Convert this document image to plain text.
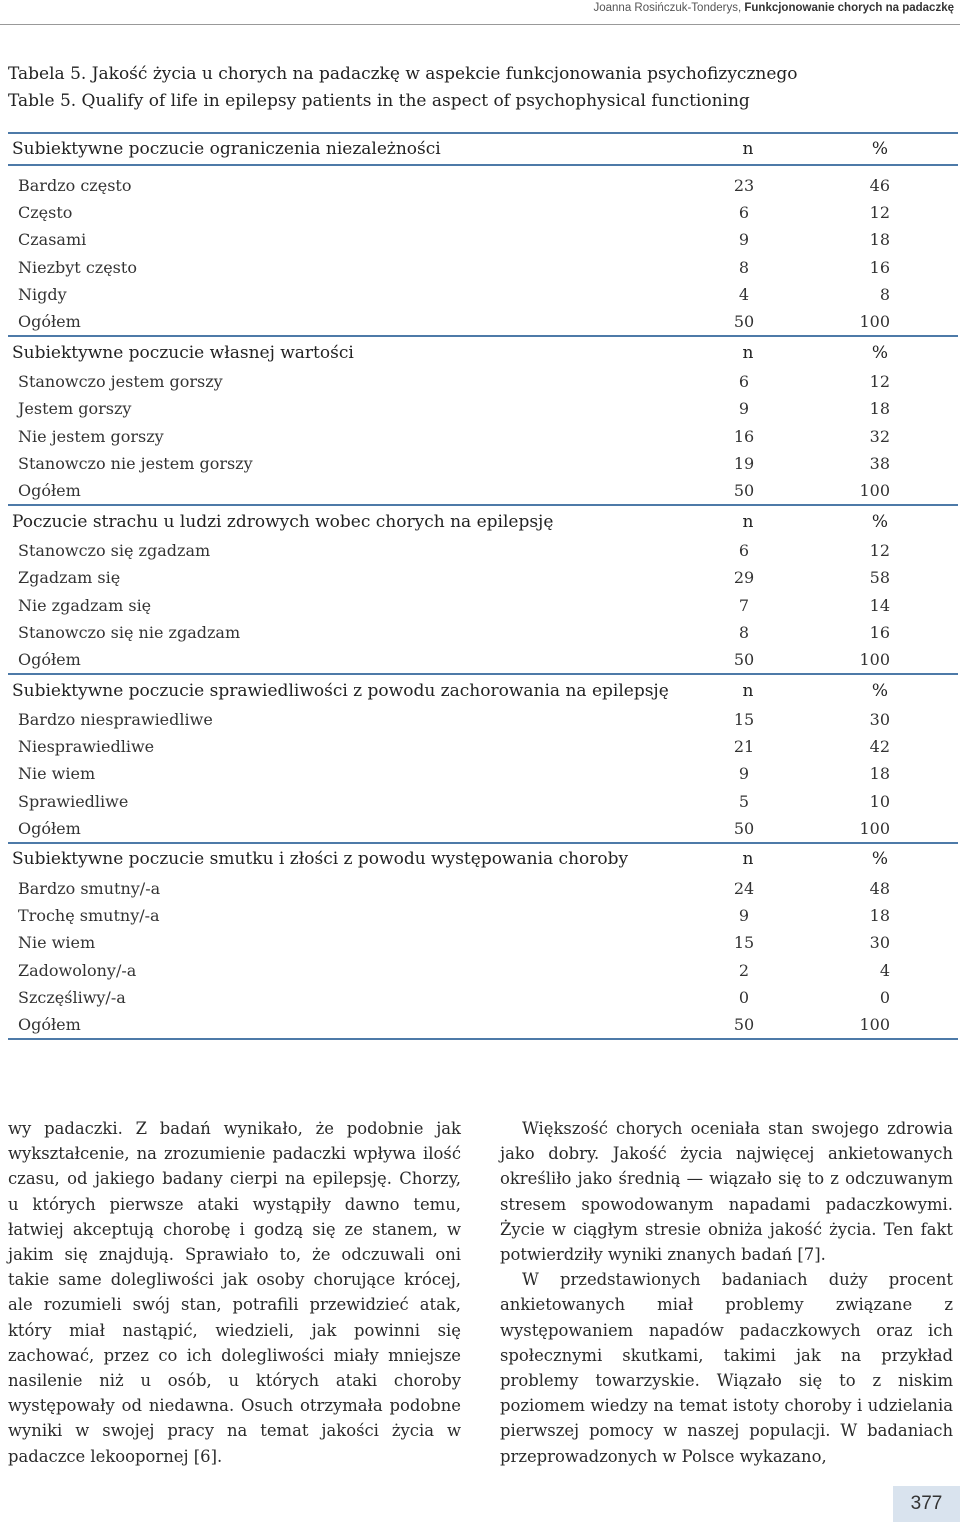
Joanna Rosińczuk-Tonderys, Funkcjonowanie chorych na padaczkę
Tabela 5. Jakość życia u chorych na padaczkę w aspekcie funkcjonowania psychofizycznego
Table 5. Qualify of life in epilepsy patients in the aspect of psychophysical functioning
Subiektywne poczucie ograniczenia niezależności	n	%
Bardzo często	23	46
Często	6	12
Czasami	9	18
Niezbyt często	8	16
Nigdy	4	8
Ogółem	50	100
Subiektywne poczucie własnej wartości	n	%
Stanowczo jestem gorszy	6	12
Jestem gorszy	9	18
Nie jestem gorszy	16	32
Stanowczo nie jestem gorszy	19	38
Ogółem	50	100
Poczucie strachu u ludzi zdrowych wobec chorych na epilepsję	n	%
Stanowczo się zgadzam	6	12
Zgadzam się	29	58
Nie zgadzam się	7	14
Stanowczo się nie zgadzam	8	16
Ogółem	50	100
Subiektywne poczucie sprawiedliwości z powodu zachorowania na epilepsję	n	%
Bardzo niesprawiedliwe	15	30
Niesprawiedliwe	21	42
Nie wiem	9	18
Sprawiedliwe	5	10
Ogółem	50	100
Subiektywne poczucie smutku i złości z powodu występowania choroby	n	%
Bardzo smutny/-a	24	48
Trochę smutny/-a	9	18
Nie wiem	15	30
Zadowolony/-a	2	4
Szczęśliwy/-a	0	0
Ogółem	50	100

wy padaczki. Z badań wynikało, że podobnie jak wykształcenie, na zrozumienie padaczki wpływa ilość czasu, od jakiego badany cierpi na epilepsję. Chorzy, u których pierwsze ataki wystąpiły dawno temu, łatwiej akceptują chorobę i godzą się ze stanem, w jakim się znajdują. Sprawiało to, że odczuwali oni takie same dolegliwości jak osoby chorujące krócej, ale rozumieli swój stan, potrafili przewidzieć atak, który miał nastąpić, wiedzieli, jak powinni się zachować, przez co ich dolegliwości miały mniejsze nasilenie niż u osób, u których ataki choroby występowały od niedawna. Osuch otrzymała podobne wyniki w swojej pracy na temat jakości życia w padaczce lekoopornej [6].

Większość chorych oceniała stan swojego zdrowia jako dobry. Jakość życia najwięcej ankietowanych określiło jako średnią — wiązało się to z odczuwanym stresem spowodowanym napadami padaczkowymi. Życie w ciągłym stresie obniża jakość życia. Ten fakt potwierdziły wyniki znanych badań [7].

W przedstawionych badaniach duży procent ankietowanych miał problemy związane z występowaniem napadów padaczkowych oraz ich społecznymi skutkami, takimi jak na przykład problemy towarzyskie. Wiązało się to z niskim poziomem wiedzy na temat istoty choroby i udzielania pierwszej pomocy w naszej populacji. W badaniach przeprowadzonych w Polsce wykazano,

377
